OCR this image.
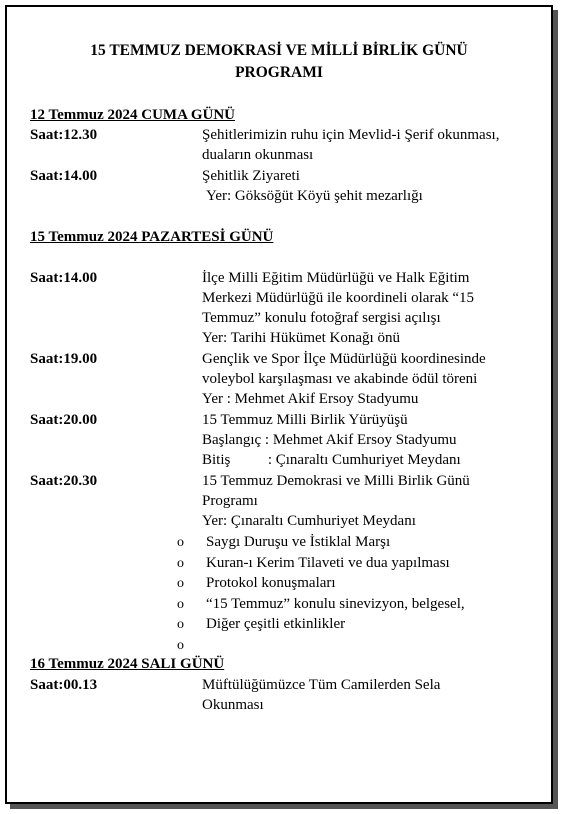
15 TEMMUZ DEMOKRASİ VE MİLLİ BİRLİK GÜNÜ
PROGRAMI
12 Temmuz 2024 CUMA GÜNÜ
Saat:12.30	Şehitlerimizin ruhu için Mevlid-i Şerif okunması,
duaların okunması
Saat:14.00	Şehitlik Ziyareti
Yer: Göksöğüt Köyü şehit mezarlığı
15 Temmuz 2024 PAZARTESİ GÜNÜ
Saat:14.00	İlçe Milli Eğitim Müdürlüğü ve Halk Eğitim
Merkezi Müdürlüğü ile koordineli olarak “15
Temmuz” konulu fotoğraf sergisi açılışı
Yer: Tarihi Hükümet Konağı önü
Saat:19.00	Gençlik ve Spor İlçe Müdürlüğü koordinesinde
voleybol karşılaşması ve akabinde ödül töreni
Yer : Mehmet Akif Ersoy Stadyumu
Saat:20.00	15 Temmuz Milli Birlik Yürüyüşü
Başlangıç : Mehmet Akif Ersoy Stadyumu
Bitiş          : Çınaraltı Cumhuriyet Meydanı
Saat:20.30	15 Temmuz Demokrasi ve Milli Birlik Günü
Programı
Yer: Çınaraltı Cumhuriyet Meydanı
o Saygı Duruşu ve İstiklal Marşı
o Kuran-ı Kerim Tilaveti ve dua yapılması
o Protokol konuşmaları
o “15 Temmuz” konulu sinevizyon, belgesel,
o Diğer çeşitli etkinlikler
o
16 Temmuz 2024 SALI GÜNÜ
Saat:00.13	Müftülüğümüzce Tüm Camilerden Sela
Okunması
